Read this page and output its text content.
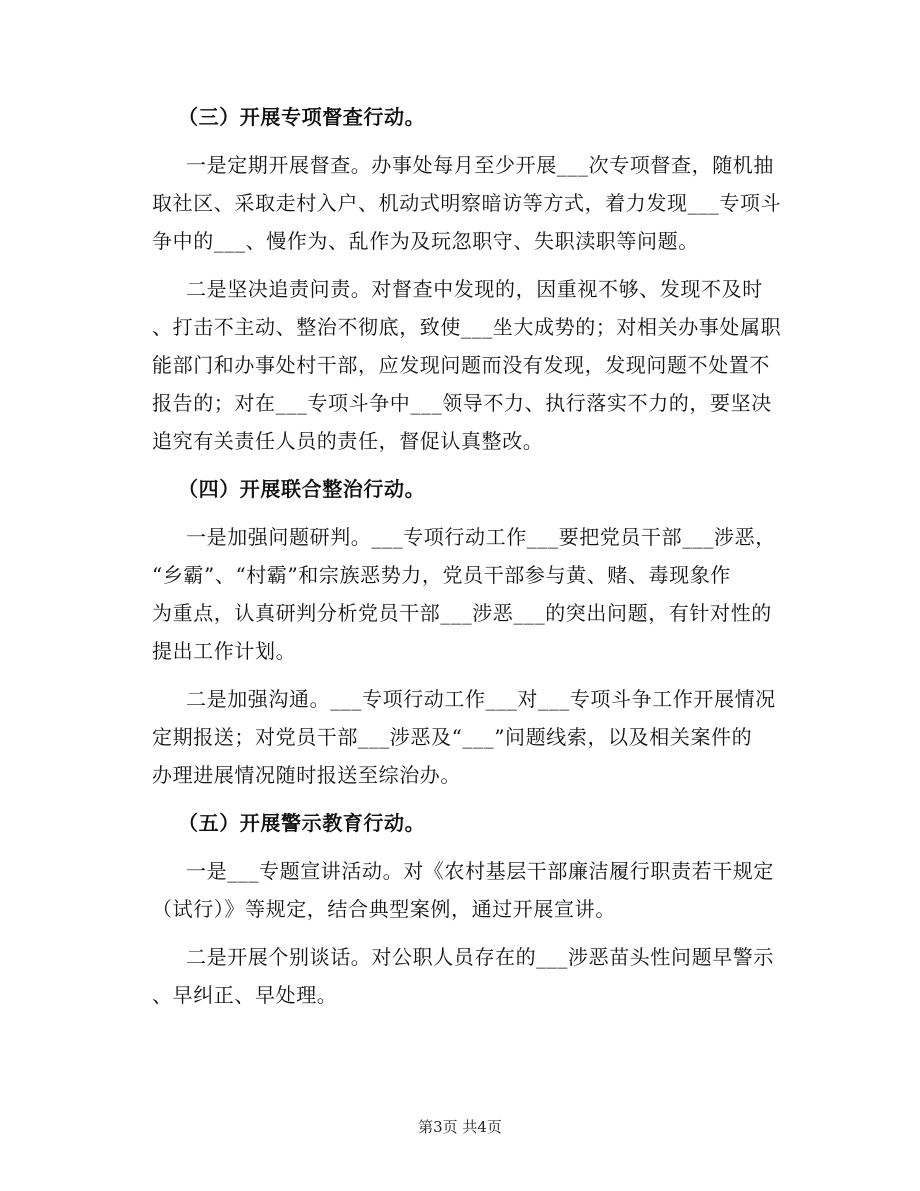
（三）开展专项督查行动。
一是定期开展督查。办事处每月至少开展___次专项督查，随机抽
取社区、采取走村入户、机动式明察暗访等方式，着力发现___专项斗
争中的___、慢作为、乱作为及玩忽职守、失职渎职等问题。
二是坚决追责问责。对督查中发现的，因重视不够、发现不及时
、打击不主动、整治不彻底，致使___坐大成势的；对相关办事处属职
能部门和办事处村干部，应发现问题而没有发现，发现问题不处置不
报告的；对在___专项斗争中___领导不力、执行落实不力的，要坚决
追究有关责任人员的责任，督促认真整改。
（四）开展联合整治行动。
一是加强问题研判。___专项行动工作___要把党员干部___涉恶，
“乡霸”、“村霸”和宗族恶势力，党员干部参与黄、赌、毒现象作
为重点，认真研判分析党员干部___涉恶___的突出问题，有针对性的
提出工作计划。
二是加强沟通。___专项行动工作___对___专项斗争工作开展情况
定期报送；对党员干部___涉恶及“___”问题线索，以及相关案件的
办理进展情况随时报送至综治办。
（五）开展警示教育行动。
一是___专题宣讲活动。对《农村基层干部廉洁履行职责若干规定
（试行）》等规定，结合典型案例，通过开展宣讲。
二是开展个别谈话。对公职人员存在的___涉恶苗头性问题早警示
、早纠正、早处理。
第3页 共4页
